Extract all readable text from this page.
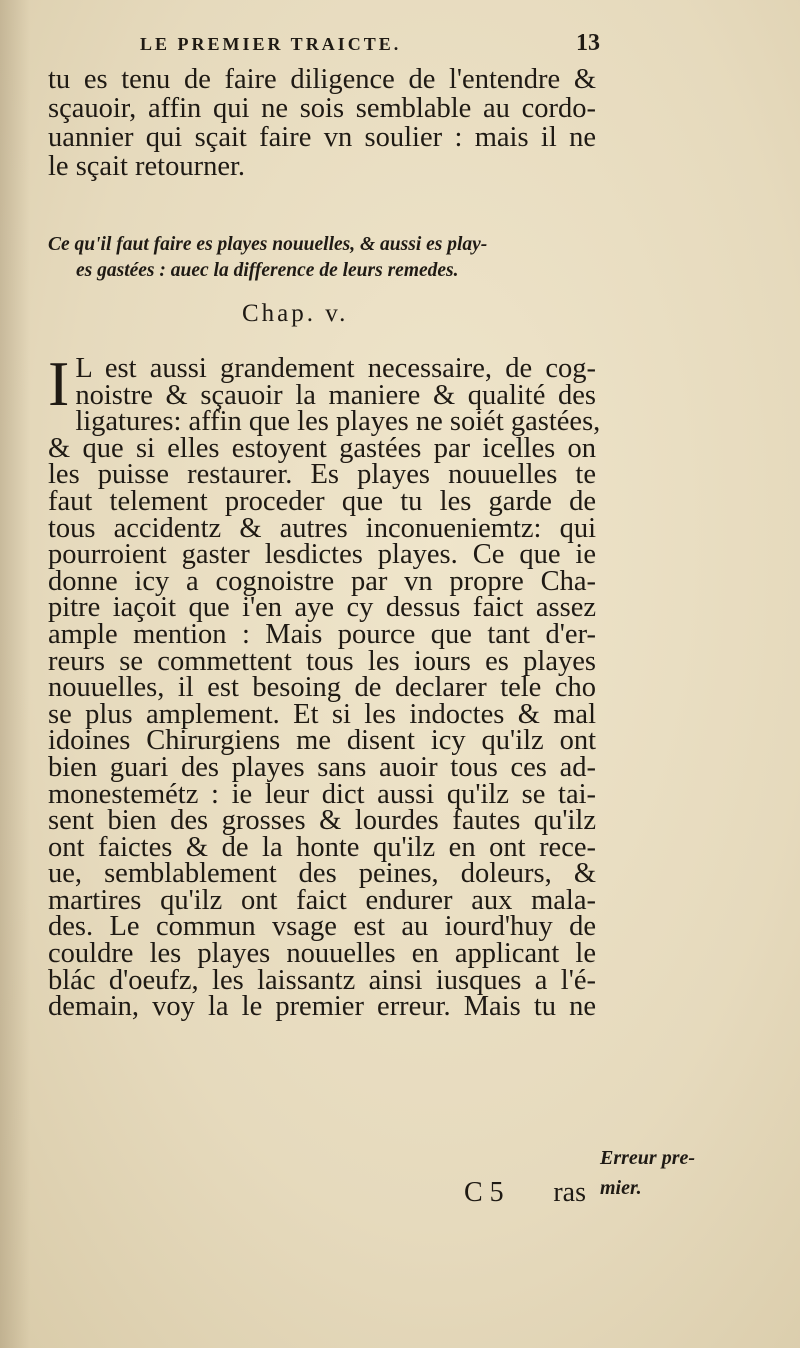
LE PREMIER TRAICTE.	13
tu es tenu de faire diligence de l'entendre &
sçauoir, affin qui ne sois semblable au cordo-
uannier qui sçait faire vn soulier : mais il ne
le sçait retourner.
Ce qu'il faut faire es playes nouuelles, & aussi es play-
es gastées : auec la difference de leurs remedes.
Chap. v.
I L est aussi grandement necessaire, de cog-
noistre & sçauoir la maniere & qualité des
ligatures: affin que les playes ne soiét gastées,
& que si elles estoyent gastées par icelles on
les puisse restaurer. Es playes nouuelles te
faut telement proceder que tu les garde de
tous accidentz & autres inconueniemtz: qui
pourroient gaster lesdictes playes. Ce que ie
donne icy a cognoistre par vn propre Cha-
pitre iaçoit que i'en aye cy dessus faict assez
ample mention : Mais pource que tant d'er-
reurs se commettent tous les iours es playes
nouuelles, il est besoing de declarer tele cho
se plus amplement. Et si les indoctes & mal
idoines Chirurgiens me disent icy qu'ilz ont
bien guari des playes sans auoir tous ces ad-
monestemétz : ie leur dict aussi qu'ilz se tai-
sent bien des grosses & lourdes fautes qu'ilz
ont faictes & de la honte qu'ilz en ont rece-
ue, semblablement des peines, doleurs, &
martires qu'ilz ont faict endurer aux mala-
des. Le commun vsage est au iourd'huy de
couldre les playes nouuelles en applicant le
blác d'oeufz, les laissantz ainsi iusques a l'é-
demain, voy la le premier erreur. Mais tu ne
C 5 ras
Erreur pre-
mier.
